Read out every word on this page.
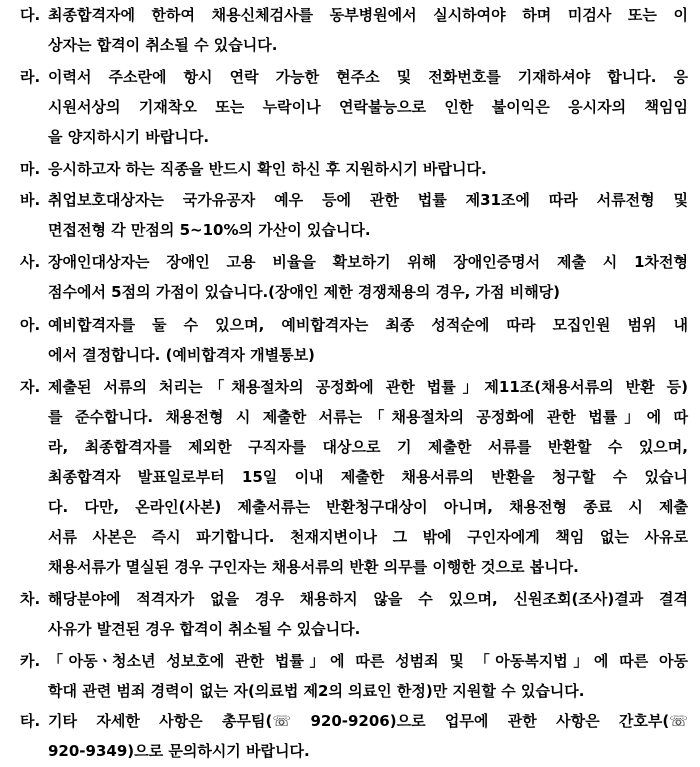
다. 최종합격자에 한하여 채용신체검사를 동부병원에서 실시하여야 하며 미검사 또는 이
상자는 합격이 취소될 수 있습니다.
라. 이력서 주소란에 항시 연락 가능한 현주소 및 전화번호를 기재하셔야 합니다. 응
시원서상의 기재착오 또는 누락이나 연락불능으로 인한 불이익은 응시자의 책임임
을 양지하시기 바랍니다.
마. 응시하고자 하는 직종을 반드시 확인 하신 후 지원하시기 바랍니다.
바. 취업보호대상자는 국가유공자 예우 등에 관한 법률 제31조에 따라 서류전형 및
면접전형 각 만점의 5~10%의 가산이 있습니다.
사. 장애인대상자는 장애인 고용 비율을 확보하기 위해 장애인증명서 제출 시 1차전형
점수에서 5점의 가점이 있습니다.(장애인 제한 경쟁채용의 경우, 가점 비해당)
아. 예비합격자를 둘 수 있으며, 예비합격자는 최종 성적순에 따라 모집인원 범위 내
에서 결정합니다. (예비합격자 개별통보)
자. 제출된 서류의 처리는「채용절차의 공정화에 관한 법률」제11조(채용서류의 반환 등)
를 준수합니다. 채용전형 시 제출한 서류는「채용절차의 공정화에 관한 법률」에 따
라, 최종합격자를 제외한 구직자를 대상으로 기 제출한 서류를 반환할 수 있으며,
최종합격자 발표일로부터 15일 이내 제출한 채용서류의 반환을 청구할 수 있습니
다. 다만, 온라인(사본) 제출서류는 반환청구대상이 아니며, 채용전형 종료 시 제출
서류 사본은 즉시 파기합니다. 천재지변이나 그 밖에 구인자에게 책임 없는 사유로
채용서류가 멸실된 경우 구인자는 채용서류의 반환 의무를 이행한 것으로 봅니다.
차. 해당분야에 적격자가 없을 경우 채용하지 않을 수 있으며, 신원조회(조사)결과 결격
사유가 발견된 경우 합격이 취소될 수 있습니다.
카. 「아동ㆍ청소년 성보호에 관한 법률」에 따른 성범죄 및 「아동복지법」에 따른 아동
학대 관련 범죄 경력이 없는 자(의료법 제2의 의료인 한정)만 지원할 수 있습니다.
타. 기타 자세한 사항은 총무팀(☏ 920-9206)으로 업무에 관한 사항은 간호부(☏
920-9349)으로 문의하시기 바랍니다.
